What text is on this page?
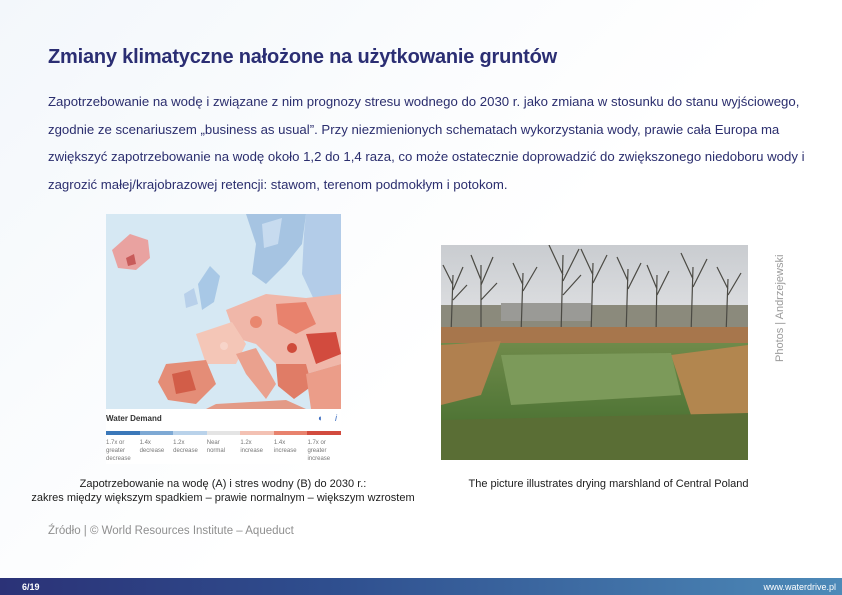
Zmiany klimatyczne nałożone na użytkowanie gruntów
Zapotrzebowanie na wodę i związane z nim prognozy stresu wodnego do 2030 r. jako zmiana w stosunku do stanu wyjściowego, zgodnie ze scenariuszem „business as usual”. Przy niezmienionych schematach wykorzystania wody, prawie cała Europa ma zwiększyć zapotrzebowanie na wodę około 1,2 do 1,4 raza, co może ostatecznie doprowadzić do zwiększonego niedoboru wody i zagrozić małej/krajobrazowej retencji: stawom, terenom podmokłym i potokom.
Water Demand	◖ i
1.7x or greater decrease
1.4x decrease
1.2x decrease
Near normal
1.2x increase
1.4x increase
1.7x or greater increase
Photos | Andrzejewski
Zapotrzebowanie na wodę (A) i stres wodny (B) do 2030 r.:
zakres między większym spadkiem – prawie normalnym – większym wzrostem
The picture illustrates drying marshland of Central Poland
Źródło | © World Resources Institute – Aqueduct
6/19	www.waterdrive.pl
